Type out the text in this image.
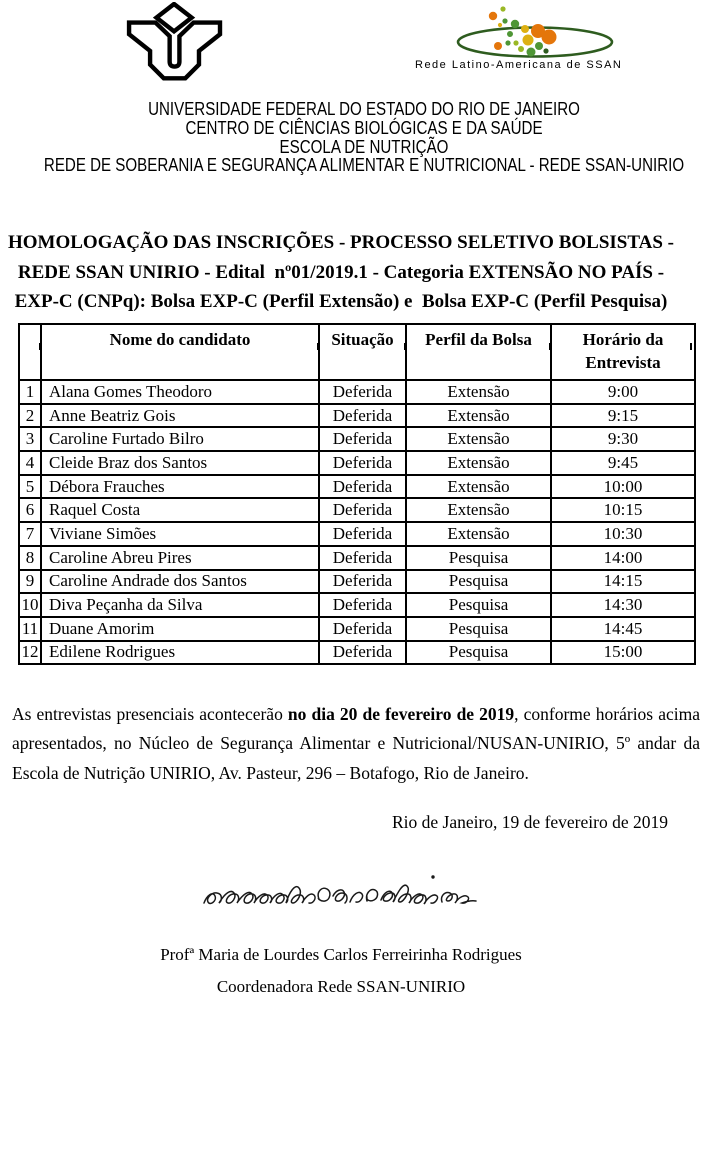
Rede Latino-Americana de SSAN
UNIVERSIDADE FEDERAL DO ESTADO DO RIO DE JANEIRO
CENTRO DE CIÊNCIAS BIOLÓGICAS E DA SAÚDE
ESCOLA DE NUTRIÇÃO
REDE DE SOBERANIA E SEGURANÇA ALIMENTAR E NUTRICIONAL - REDE SSAN-UNIRIO
HOMOLOGAÇÃO DAS INSCRIÇÕES - PROCESSO SELETIVO BOLSISTAS -
REDE SSAN UNIRIO - Edital  nº01/2019.1 - Categoria EXTENSÃO NO PAÍS -
EXP-C (CNPq): Bolsa EXP-C (Perfil Extensão) e  Bolsa EXP-C (Perfil Pesquisa)
	Nome do candidato	Situação	Perfil da Bolsa	Horário da Entrevista
1	Alana Gomes Theodoro	Deferida	Extensão	9:00
2	Anne Beatriz Gois	Deferida	Extensão	9:15
3	Caroline Furtado Bilro	Deferida	Extensão	9:30
4	Cleide Braz dos Santos	Deferida	Extensão	9:45
5	Débora Frauches	Deferida	Extensão	10:00
6	Raquel Costa	Deferida	Extensão	10:15
7	Viviane Simões	Deferida	Extensão	10:30
8	Caroline Abreu Pires	Deferida	Pesquisa	14:00
9	Caroline Andrade dos Santos	Deferida	Pesquisa	14:15
10	Diva Peçanha da Silva	Deferida	Pesquisa	14:30
11	Duane Amorim	Deferida	Pesquisa	14:45
12	Edilene Rodrigues	Deferida	Pesquisa	15:00

As entrevistas presenciais acontecerão no dia 20 de fevereiro de 2019, conforme horários acima apresentados, no Núcleo de Segurança Alimentar e Nutricional/NUSAN-UNIRIO, 5º andar da Escola de Nutrição UNIRIO, Av. Pasteur, 296 – Botafogo, Rio de Janeiro.

Rio de Janeiro, 19 de fevereiro de 2019
Profª Maria de Lourdes Carlos Ferreirinha Rodrigues
Coordenadora Rede SSAN-UNIRIO
